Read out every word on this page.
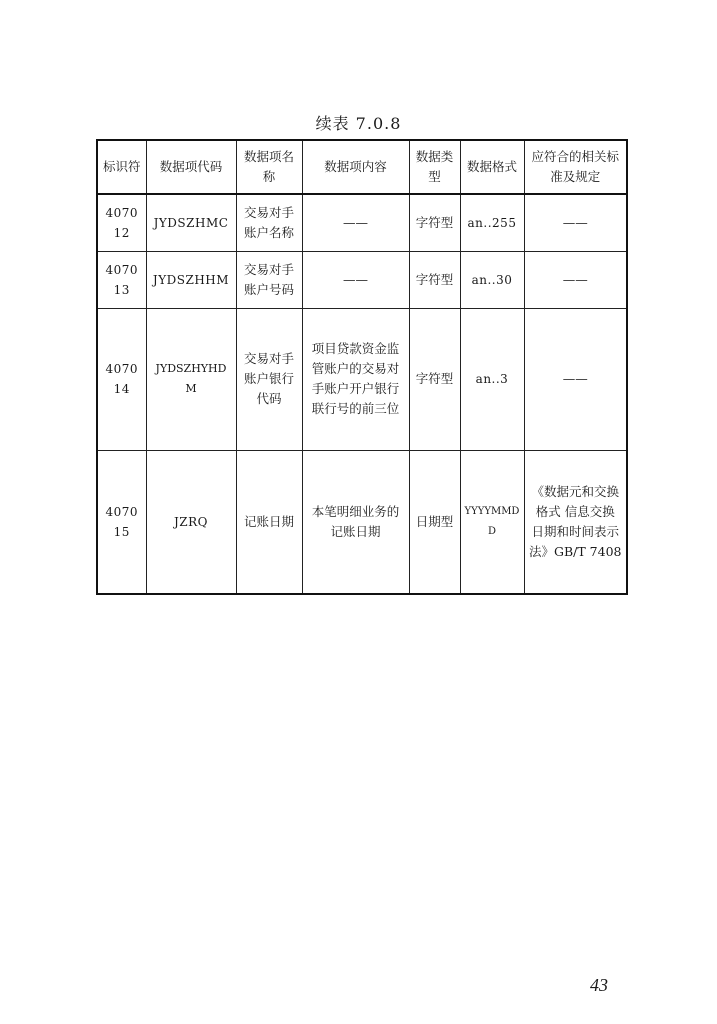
续表 7.0.8
标识符	数据项代码	数据项名称	数据项内容	数据类型	数据格式	应符合的相关标准及规定
407012	JYDSZHMC	交易对手账户名称	——	字符型	an..255	——
407013	JYDSZHHM	交易对手账户号码	——	字符型	an..30	——
407014	JYDSZHYHDM	交易对手账户银行代码	项目贷款资金监管账户的交易对手账户开户银行联行号的前三位	字符型	an..3	——
407015	JZRQ	记账日期	本笔明细业务的记账日期	日期型	YYYYMMDD	《数据元和交换格式 信息交换 日期和时间表示法》GB/T 7408
43
